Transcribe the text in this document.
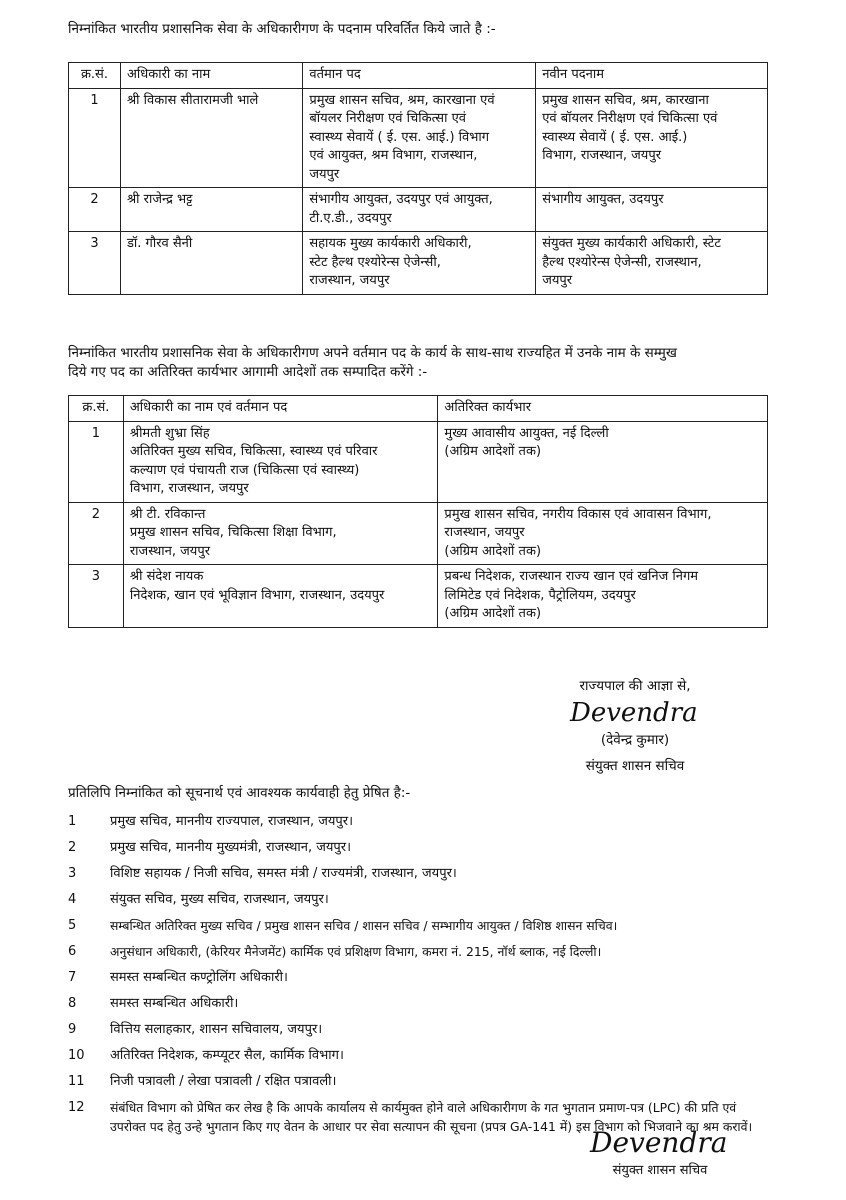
निम्नांकित भारतीय प्रशासनिक सेवा के अधिकारीगण के पदनाम परिवर्तित किये जाते है :-
क्र.सं.	अधिकारी का नाम	वर्तमान पद	नवीन पदनाम
1	श्री विकास सीतारामजी भाले	प्रमुख शासन सचिव, श्रम, कारखाना एवं
बॉयलर निरीक्षण एवं चिकित्सा एवं
स्वास्थ्य सेवायें ( ई. एस. आई.) विभाग
एवं आयुक्त, श्रम विभाग, राजस्थान,
जयपुर	प्रमुख शासन सचिव, श्रम, कारखाना
एवं बॉयलर निरीक्षण एवं चिकित्सा एवं
स्वास्थ्य सेवायें ( ई. एस. आई.)
विभाग, राजस्थान, जयपुर

2	श्री राजेन्द्र भट्ट	संभागीय आयुक्त, उदयपुर एवं आयुक्त,
टी.ए.डी., उदयपुर	संभागीय आयुक्त, उदयपुर

3	डॉ. गौरव सैनी	सहायक मुख्य कार्यकारी अधिकारी,
स्टेट हैल्थ एश्योरेन्स ऐजेन्सी,
राजस्थान, जयपुर	संयुक्त मुख्य कार्यकारी अधिकारी, स्टेट
हैल्थ एश्योरेन्स ऐजेन्सी, राजस्थान,
जयपुर
निम्नांकित भारतीय प्रशासनिक सेवा के अधिकारीगण अपने वर्तमान पद के कार्य के साथ-साथ राज्यहित में उनके नाम के सम्मुख
दिये गए पद का अतिरिक्त कार्यभार आगामी आदेशों तक सम्पादित करेंगे :-
क्र.सं.	अधिकारी का नाम एवं वर्तमान पद	अतिरिक्त कार्यभार
1	श्रीमती शुभ्रा सिंह
अतिरिक्त मुख्य सचिव, चिकित्सा, स्वास्थ्य एवं परिवार
कल्याण एवं पंचायती राज (चिकित्सा एवं स्वास्थ्य)
विभाग, राजस्थान, जयपुर	मुख्य आवासीय आयुक्त, नई दिल्ली
(अग्रिम आदेशों तक)

2	श्री टी. रविकान्त
प्रमुख शासन सचिव, चिकित्सा शिक्षा विभाग,
राजस्थान, जयपुर	प्रमुख शासन सचिव, नगरीय विकास एवं आवासन विभाग,
राजस्थान, जयपुर
(अग्रिम आदेशों तक)

3	श्री संदेश नायक
निदेशक, खान एवं भूविज्ञान विभाग, राजस्थान, उदयपुर	प्रबन्ध निदेशक, राजस्थान राज्य खान एवं खनिज निगम
लिमिटेड एवं निदेशक, पैट्रोलियम, उदयपुर
(अग्रिम आदेशों तक)
राज्यपाल की आज्ञा से,
Devendra
(देवेन्द्र कुमार)
संयुक्त शासन सचिव
प्रतिलिपि निम्नांकित को सूचनार्थ एवं आवश्यक कार्यवाही हेतु प्रेषित है:-
1	प्रमुख सचिव, माननीय राज्यपाल, राजस्थान, जयपुर।
2	प्रमुख सचिव, माननीय मुख्यमंत्री, राजस्थान, जयपुर।
3	विशिष्ट सहायक / निजी सचिव, समस्त मंत्री / राज्यमंत्री, राजस्थान, जयपुर।
4	संयुक्त सचिव, मुख्य सचिव, राजस्थान, जयपुर।
5	सम्बन्धित अतिरिक्त मुख्य सचिव / प्रमुख शासन सचिव / शासन सचिव / सम्भागीय आयुक्त / विशिष्ठ शासन सचिव।
6	अनुसंधान अधिकारी, (केरियर मैनेजमेंट) कार्मिक एवं प्रशिक्षण विभाग, कमरा नं. 215, नॉर्थ ब्लाक, नई दिल्ली।
7	समस्त सम्बन्धित कण्ट्रोलिंग अधिकारी।
8	समस्त सम्बन्धित अधिकारी।
9	वित्तिय सलाहकार, शासन सचिवालय, जयपुर।
10	अतिरिक्त निदेशक, कम्प्यूटर सैल, कार्मिक विभाग।
11	निजी पत्रावली / लेखा पत्रावली / रक्षित पत्रावली।
12	संबंधित विभाग को प्रेषित कर लेख है कि आपके कार्यालय से कार्यमुक्त होने वाले अधिकारीगण के गत भुगतान प्रमाण-पत्र (LPC) की प्रति एवं उपरोक्त पद हेतु उन्हे भुगतान किए गए वेतन के आधार पर सेवा सत्यापन की सूचना (प्रपत्र GA-141 में) इस विभाग को भिजवाने का श्रम करावें।
Devendra
संयुक्त शासन सचिव
